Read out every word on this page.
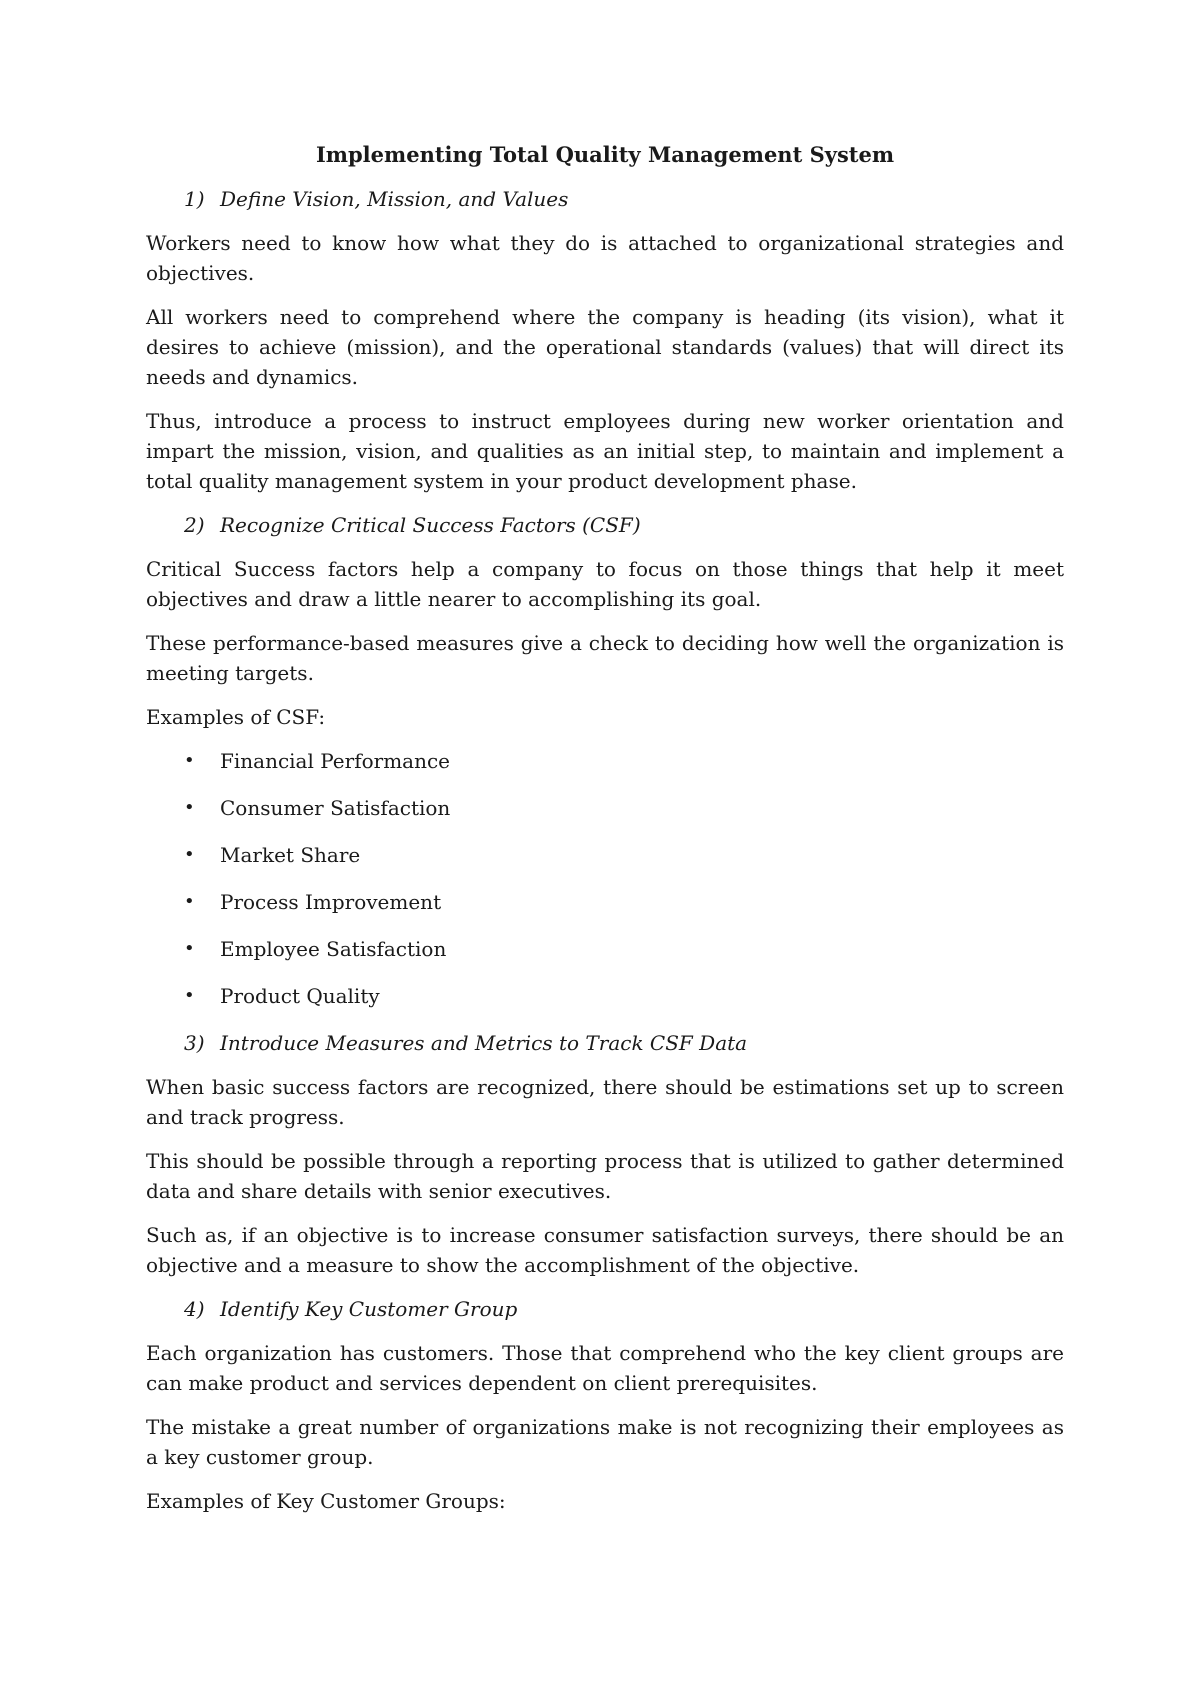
Implementing Total Quality Management System
1) Define Vision, Mission, and Values

Workers need to know how what they do is attached to organizational strategies and objectives.

All workers need to comprehend where the company is heading (its vision), what it desires to achieve (mission), and the operational standards (values) that will direct its needs and dynamics.

Thus, introduce a process to instruct employees during new worker orientation and impart the mission, vision, and qualities as an initial step, to maintain and implement a total quality management system in your product development phase.

2) Recognize Critical Success Factors (CSF)

Critical Success factors help a company to focus on those things that help it meet objectives and draw a little nearer to accomplishing its goal.

These performance-based measures give a check to deciding how well the organization is meeting targets.

Examples of CSF:

• Financial Performance
• Consumer Satisfaction
• Market Share
• Process Improvement
• Employee Satisfaction
• Product Quality
3) Introduce Measures and Metrics to Track CSF Data

When basic success factors are recognized, there should be estimations set up to screen and track progress.

This should be possible through a reporting process that is utilized to gather determined data and share details with senior executives.

Such as, if an objective is to increase consumer satisfaction surveys, there should be an objective and a measure to show the accomplishment of the objective.

4) Identify Key Customer Group

Each organization has customers. Those that comprehend who the key client groups are can make product and services dependent on client prerequisites.

The mistake a great number of organizations make is not recognizing their employees as a key customer group.

Examples of Key Customer Groups:
